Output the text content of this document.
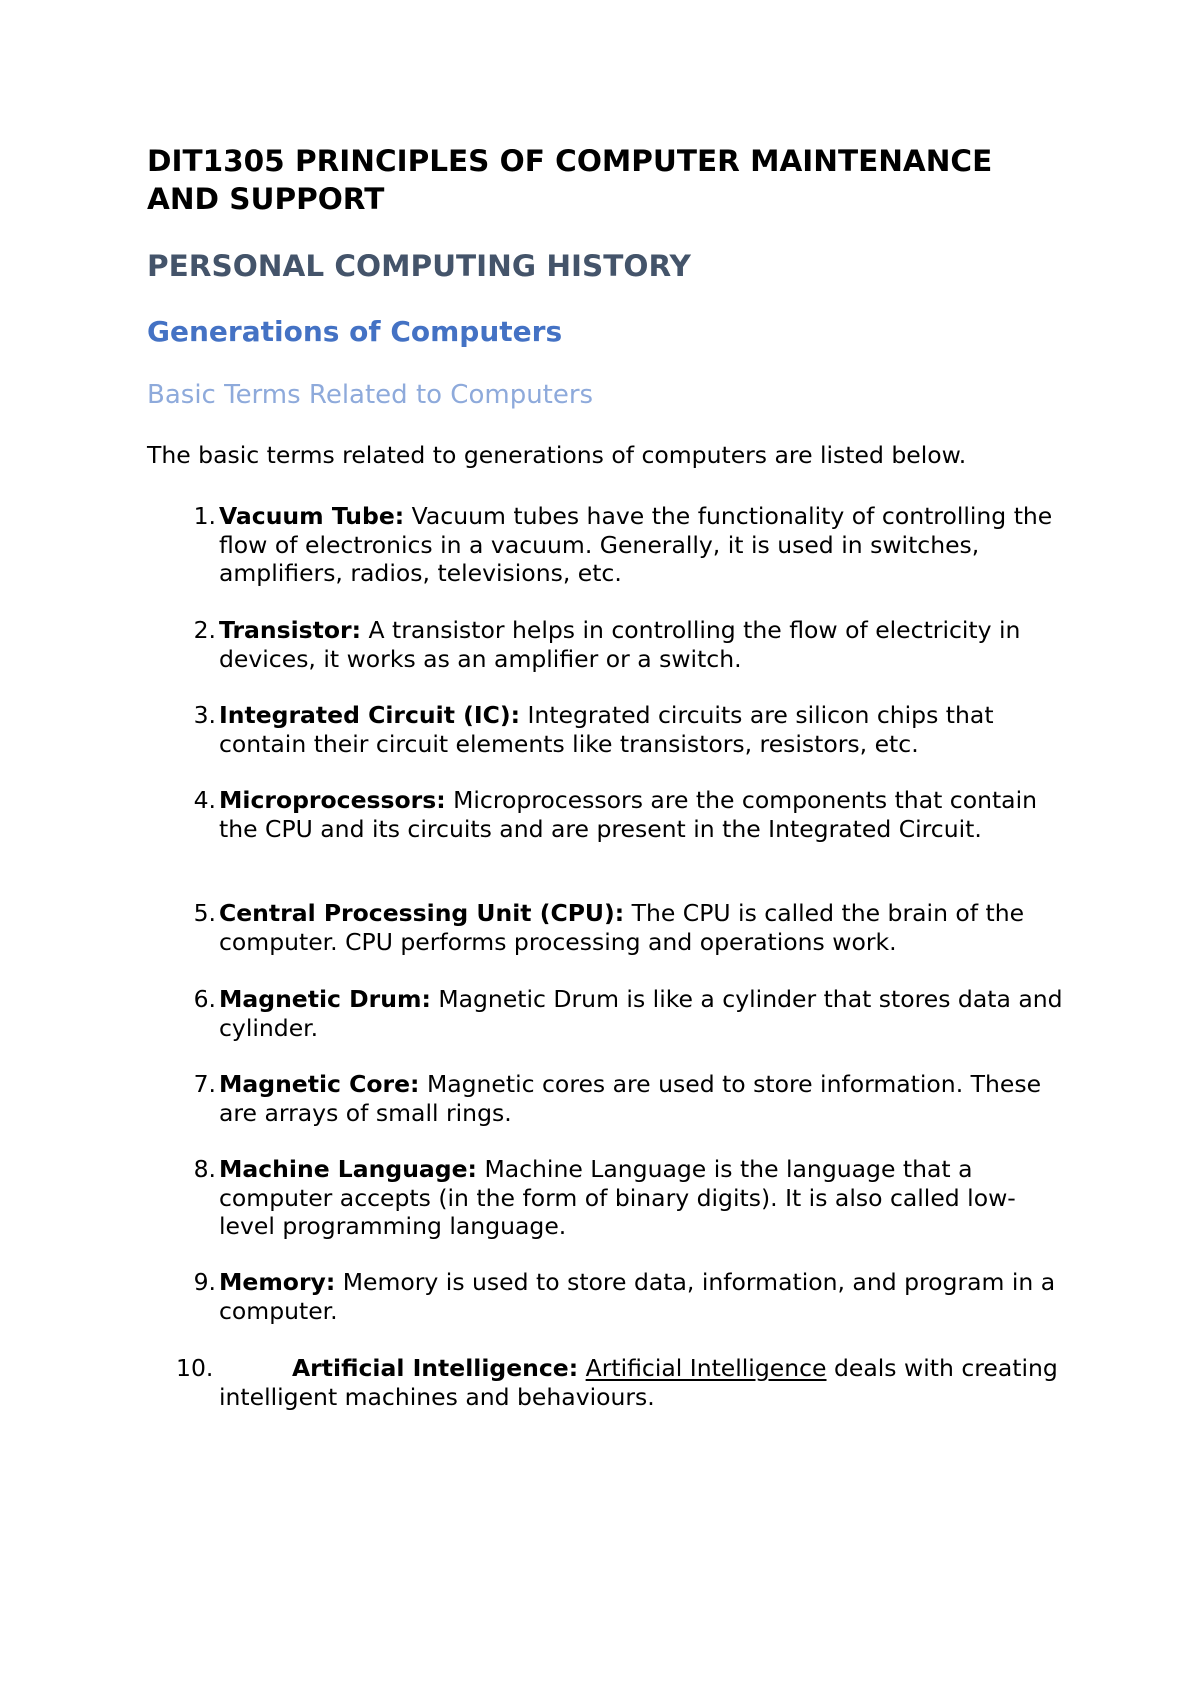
DIT1305 PRINCIPLES OF COMPUTER MAINTENANCE AND SUPPORT
PERSONAL COMPUTING HISTORY
Generations of Computers
Basic Terms Related to Computers

The basic terms related to generations of computers are listed below.

1. Vacuum Tube: Vacuum tubes have the functionality of controlling the flow of electronics in a vacuum. Generally, it is used in switches, amplifiers, radios, televisions, etc.
2. Transistor: A transistor helps in controlling the flow of electricity in devices, it works as an amplifier or a switch.
3. Integrated Circuit (IC): Integrated circuits are silicon chips that contain their circuit elements like transistors, resistors, etc.
4. Microprocessors: Microprocessors are the components that contain the CPU and its circuits and are present in the Integrated Circuit.
5. Central Processing Unit (CPU): The CPU is called the brain of the computer. CPU performs processing and operations work.
6. Magnetic Drum: Magnetic Drum is like a cylinder that stores data and cylinder.
7. Magnetic Core: Magnetic cores are used to store information. These are arrays of small rings.
8. Machine Language: Machine Language is the language that a computer accepts (in the form of binary digits). It is also called low-level programming language.
9. Memory: Memory is used to store data, information, and program in a computer.
10.	Artificial Intelligence: Artificial Intelligence deals with creating intelligent machines and behaviours.
